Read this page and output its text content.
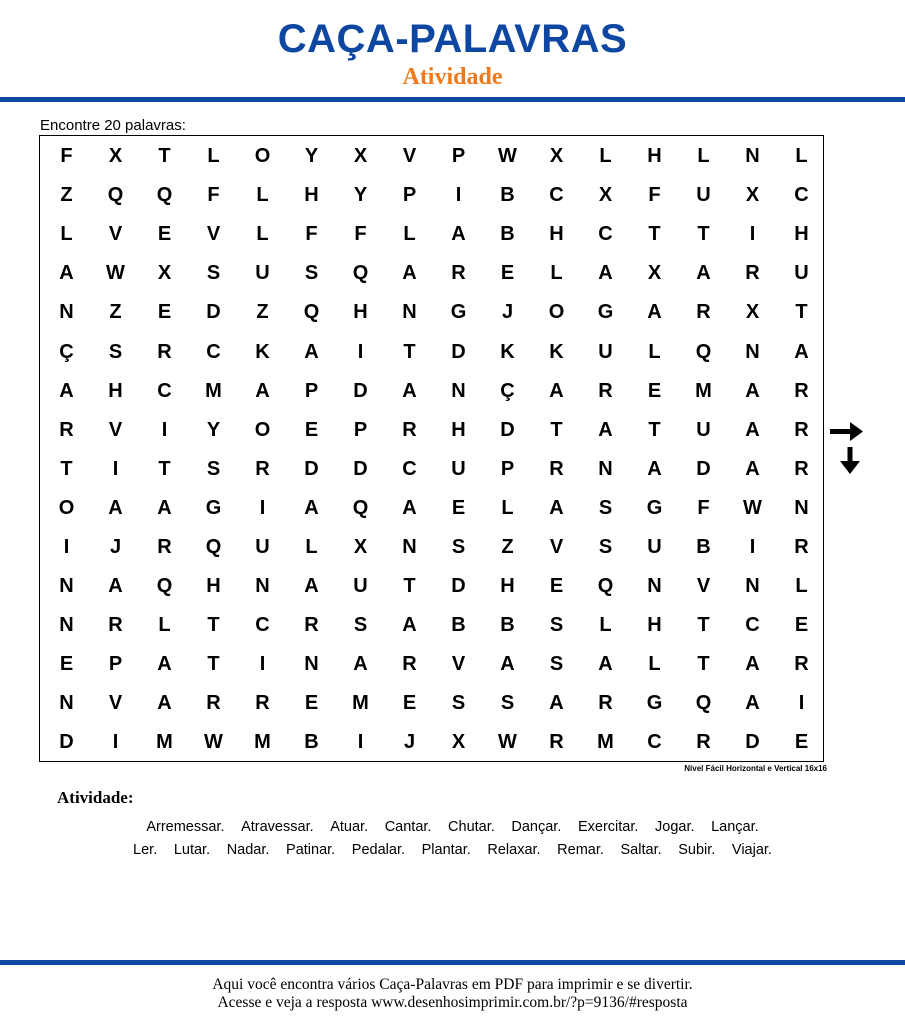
CAÇA-PALAVRAS
Atividade
Encontre 20 palavras:
F	X	T	L	O	Y	X	V	P	W	X	L	H	L	N	L
Z	Q	Q	F	L	H	Y	P	I	B	C	X	F	U	X	C
L	V	E	V	L	F	F	L	A	B	H	C	T	T	I	H
A	W	X	S	U	S	Q	A	R	E	L	A	X	A	R	U
N	Z	E	D	Z	Q	H	N	G	J	O	G	A	R	X	T
Ç	S	R	C	K	A	I	T	D	K	K	U	L	Q	N	A
A	H	C	M	A	P	D	A	N	Ç	A	R	E	M	A	R
R	V	I	Y	O	E	P	R	H	D	T	A	T	U	A	R
T	I	T	S	R	D	D	C	U	P	R	N	A	D	A	R
O	A	A	G	I	A	Q	A	E	L	A	S	G	F	W	N
I	J	R	Q	U	L	X	N	S	Z	V	S	U	B	I	R
N	A	Q	H	N	A	U	T	D	H	E	Q	N	V	N	L
N	R	L	T	C	R	S	A	B	B	S	L	H	T	C	E
E	P	A	T	I	N	A	R	V	A	S	A	L	T	A	R
N	V	A	R	R	E	M	E	S	S	A	R	G	Q	A	I
D	I	M	W	M	B	I	J	X	W	R	M	C	R	D	E
Nível Fácil Horizontal e Vertical 16x16
Atividade:
Arremessar. Atravessar. Atuar. Cantar. Chutar. Dançar. Exercitar. Jogar. Lançar.
Ler. Lutar. Nadar. Patinar. Pedalar. Plantar. Relaxar. Remar. Saltar. Subir. Viajar.
Aqui você encontra vários Caça-Palavras em PDF para imprimir e se divertir.
Acesse e veja a resposta www.desenhosimprimir.com.br/?p=9136/#resposta
